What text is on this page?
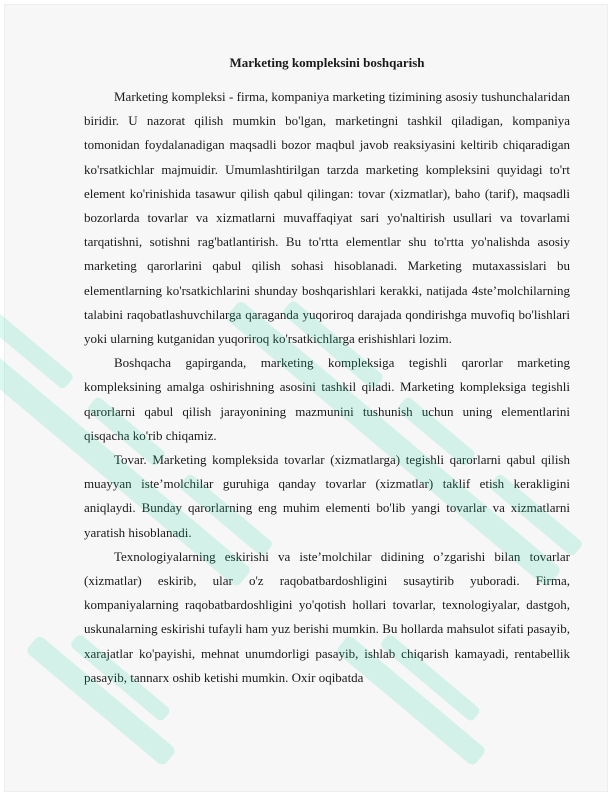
Marketing kompleksini boshqarish

Marketing kompleksi - firma, kompaniya marketing tizimining asosiy tushunchalaridan biridir. U nazorat qilish mumkin bo'lgan, marketingni tashkil qiladigan, kompaniya tomonidan foydalanadigan maqsadli bozor maqbul javob reaksiyasini keltirib chiqaradigan ko'rsatkichlar majmuidir. Umumlashtirilgan tarzda marketing kompleksini quyidagi to'rt element ko'rinishida tasawur qilish qabul qilingan: tovar (xizmatlar), baho (tarif), maqsadli bozorlarda tovarlar va xizmatlarni muvaffaqiyat sari yo'naltirish usullari va tovarlami tarqatishni, sotishni rag'batlantirish. Bu to'rtta elementlar shu to'rtta yo'nalishda asosiy marketing qarorlarini qabul qilish sohasi hisoblanadi. Marketing mutaxassislari bu elementlarning ko'rsatkichlarini shunday boshqarishlari kerakki, natijada 4ste’molchilarning talabini raqobatlashuvchilarga qaraganda yuqoriroq darajada qondirishga muvofiq bo'lishlari yoki ularning kutganidan yuqoriroq ko'rsatkichlarga erishishlari lozim.

Boshqacha gapirganda, marketing kompleksiga tegishli qarorlar marketing kompleksining amalga oshirishning asosini tashkil qiladi. Marketing kompleksiga tegishli qarorlarni qabul qilish jarayonining mazmunini tushunish uchun uning elementlarini qisqacha ko'rib chiqamiz.

Tovar. Marketing kompleksida tovarlar (xizmatlarga) tegishli qarorlarni qabul qilish muayyan iste’molchilar guruhiga qanday tovarlar (xizmatlar) taklif etish kerakligini aniqlaydi. Bunday qarorlarning eng muhim elementi bo'lib yangi tovarlar va xizmatlarni yaratish hisoblanadi.

Texnologiyalarning eskirishi va iste’molchilar didining o’zgarishi bilan tovarlar (xizmatlar) eskirib, ular o'z raqobatbardoshligini susaytirib yuboradi. Firma, kompaniyalarning raqobatbardoshligini yo'qotish hollari tovarlar, texnologiyalar, dastgoh, uskunalarning eskirishi tufayli ham yuz berishi mumkin. Bu hollarda mahsulot sifati pasayib, xarajatlar ko'payishi, mehnat unumdorligi pasayib, ishlab chiqarish kamayadi, rentabellik pasayib, tannarx oshib ketishi mumkin. Oxir oqibatda
